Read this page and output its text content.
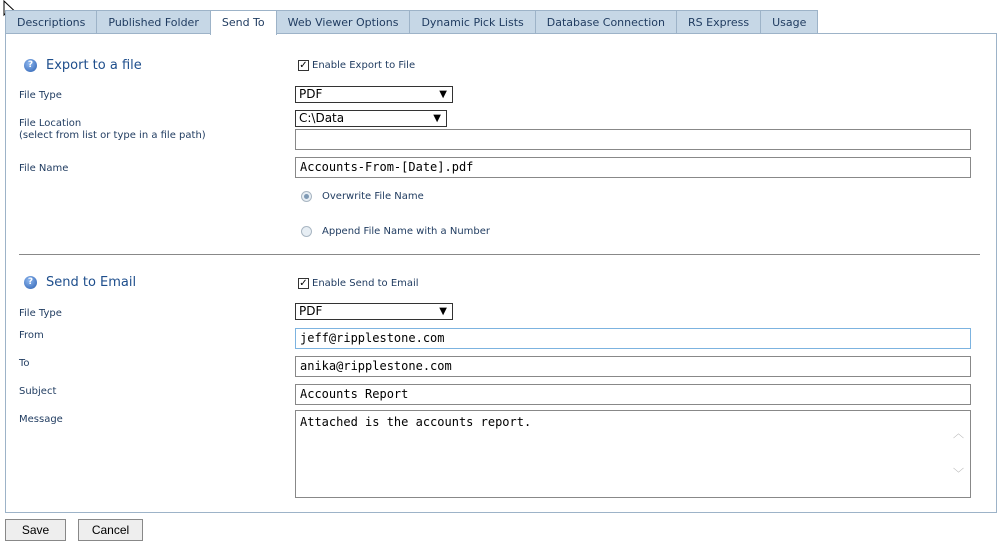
Descriptions	Published Folder	Send To	Web Viewer Options	Dynamic Pick Lists	Database Connection	RS Express	Usage
? Export to a file	✓ Enable Export to File
File Type	PDF	▼
File Location
(select from list or type in a file path)
C:\Data	▼
File Name	Accounts-From-[Date].pdf
Overwrite File Name
Append File Name with a Number
? Send to Email	✓ Enable Send to Email
File Type	PDF	▼
From	jeff@ripplestone.com
To	anika@ripplestone.com
Subject	Accounts Report
Message	Attached is the accounts report.
︿
﹀
Save	Cancel
